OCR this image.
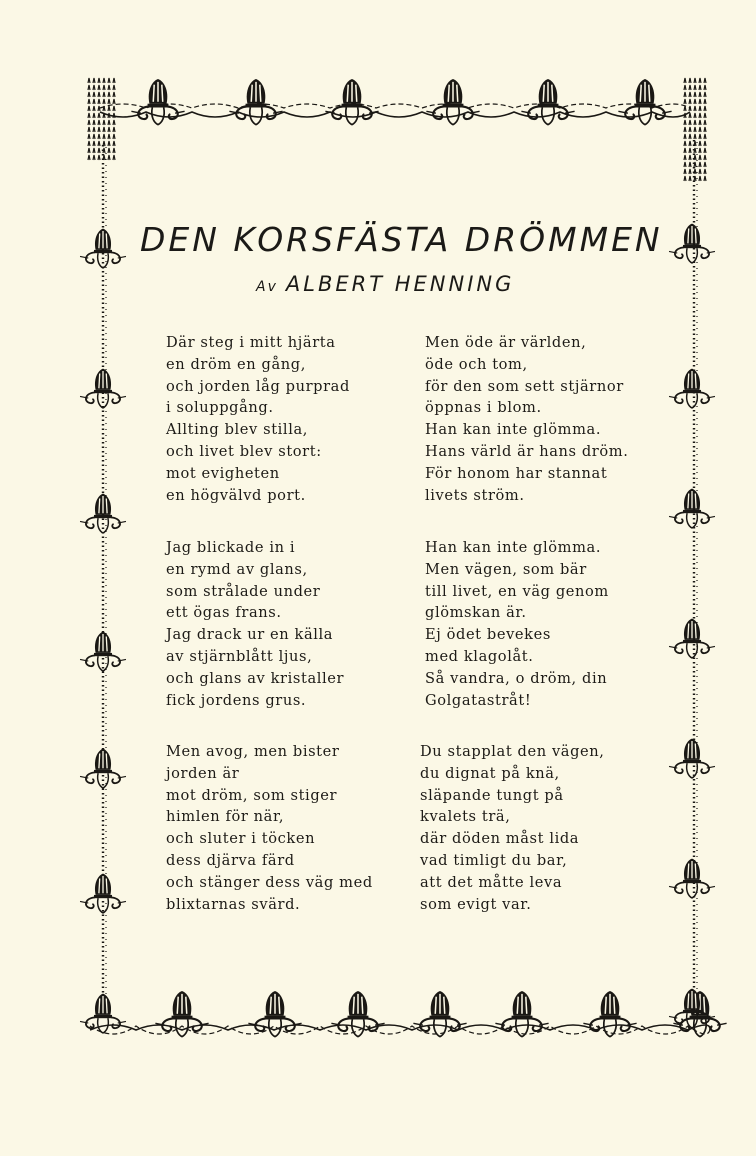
DEN KORSFÄSTA DRÖMMEN
Av ALBERT HENNING
Där steg i mitt hjärta
en dröm en gång,
och jorden låg purprad
i soluppgång.
Allting blev stilla,
och livet blev stort:
mot evigheten
en högvälvd port.
Men öde är världen,
öde och tom,
för den som sett stjärnor
öppnas i blom.
Han kan inte glömma.
Hans värld är hans dröm.
För honom har stannat
livets ström.
Jag blickade in i
en rymd av glans,
som strålade under
ett ögas frans.
Jag drack ur en källa
av stjärnblått ljus,
och glans av kristaller
fick jordens grus.
Han kan inte glömma.
Men vägen, som bär
till livet, en väg genom
glömskan är.
Ej ödet bevekes
med klagolåt.
Så vandra, o dröm, din
Golgatastråt!
Men avog, men bister
jorden är
mot dröm, som stiger
himlen för när,
och sluter i töcken
dess djärva färd
och stänger dess väg med
blixtarnas svärd.
Du stapplat den vägen,
du dignat på knä,
släpande tungt på
kvalets trä,
där döden måst lida
vad timligt du bar,
att det måtte leva
som evigt var.
